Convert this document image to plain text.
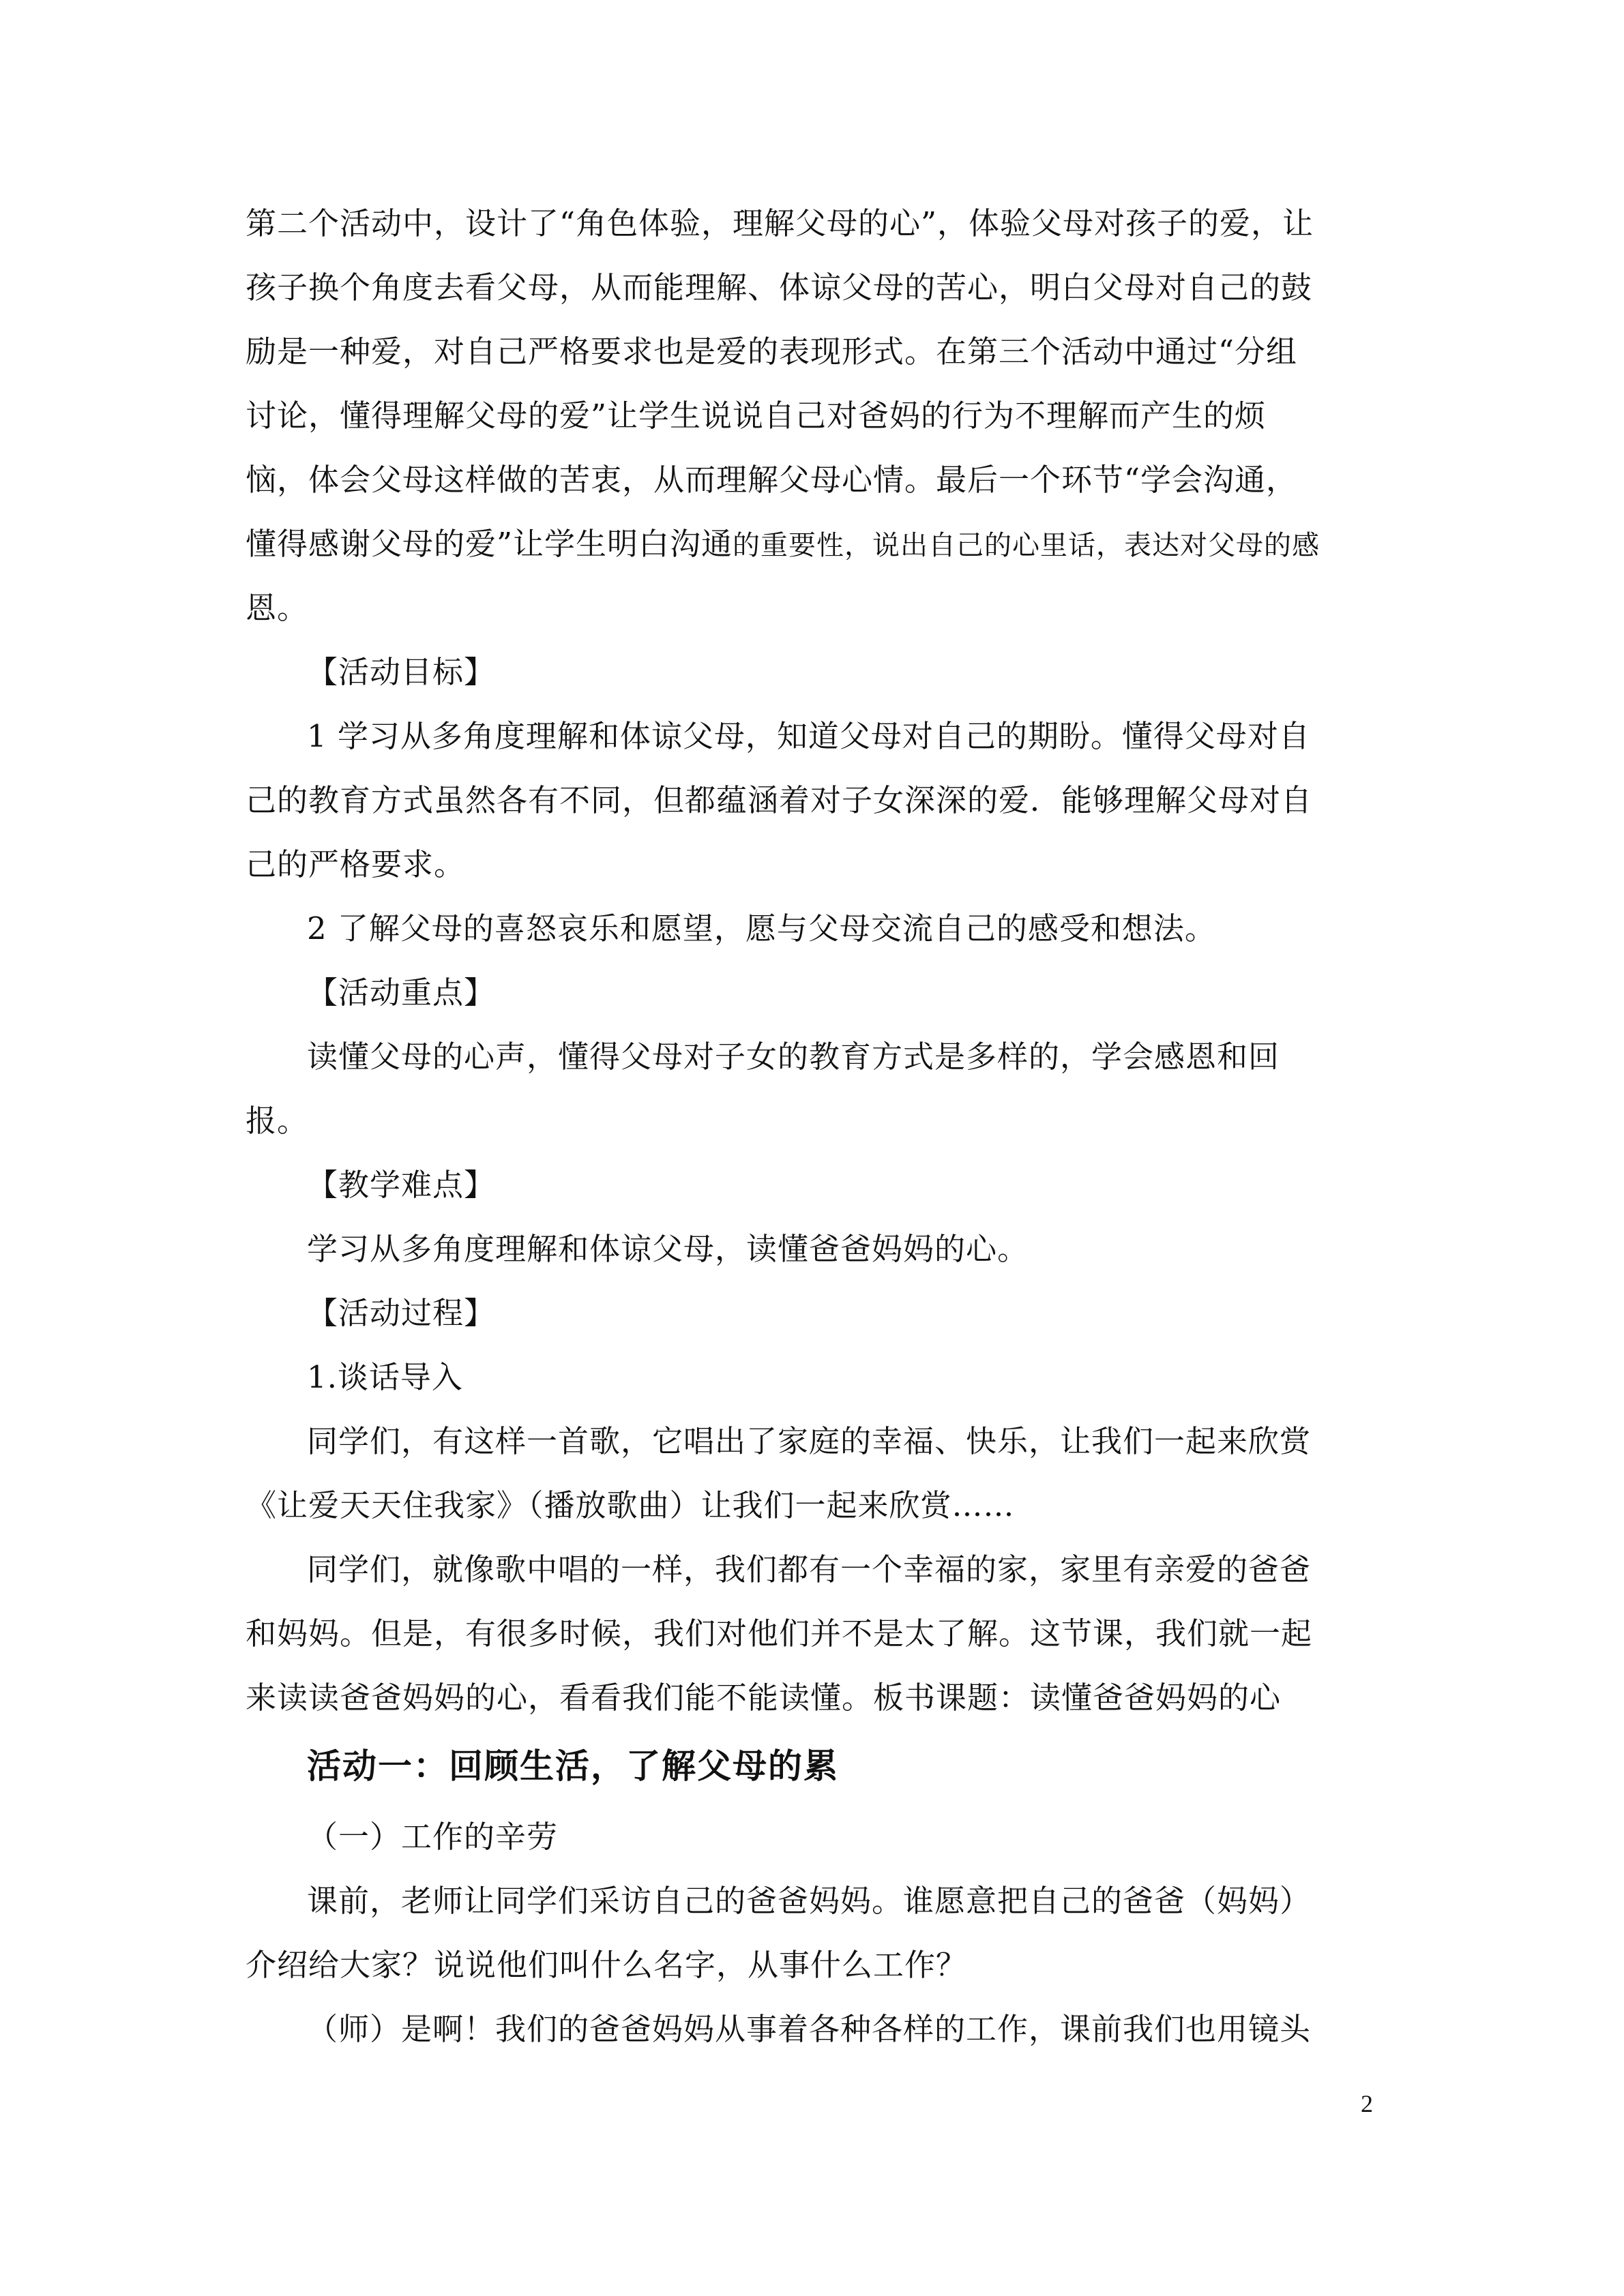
第二个活动中，设计了“角色体验，理解父母的心”，体验父母对孩子的爱，让
孩子换个角度去看父母，从而能理解、体谅父母的苦心，明白父母对自己的鼓
励是一种爱，对自己严格要求也是爱的表现形式。在第三个活动中通过“分组
讨论，懂得理解父母的爱”让学生说说自己对爸妈的行为不理解而产生的烦
恼，体会父母这样做的苦衷，从而理解父母心情。最后一个环节“学会沟通，
懂得感谢父母的爱”让学生明白沟通的重要性，说出自己的心里话，表达对父母的感
恩。
【活动目标】
1 学习从多角度理解和体谅父母，知道父母对自己的期盼。懂得父母对自
己的教育方式虽然各有不同，但都蕴涵着对子女深深的爱．能够理解父母对自
己的严格要求。
2 了解父母的喜怒哀乐和愿望，愿与父母交流自己的感受和想法。
【活动重点】
读懂父母的心声，懂得父母对子女的教育方式是多样的，学会感恩和回
报。
【教学难点】
学习从多角度理解和体谅父母，读懂爸爸妈妈的心。
【活动过程】
1.谈话导入
同学们，有这样一首歌，它唱出了家庭的幸福、快乐，让我们一起来欣赏
《让爱天天住我家》（播放歌曲）让我们一起来欣赏……
同学们，就像歌中唱的一样，我们都有一个幸福的家，家里有亲爱的爸爸
和妈妈。但是，有很多时候，我们对他们并不是太了解。这节课，我们就一起
来读读爸爸妈妈的心，看看我们能不能读懂。板书课题：读懂爸爸妈妈的心
活动一：回顾生活，了解父母的累
（一）工作的辛劳
课前，老师让同学们采访自己的爸爸妈妈。谁愿意把自己的爸爸（妈妈）
介绍给大家？说说他们叫什么名字，从事什么工作？
（师）是啊！我们的爸爸妈妈从事着各种各样的工作，课前我们也用镜头
2
